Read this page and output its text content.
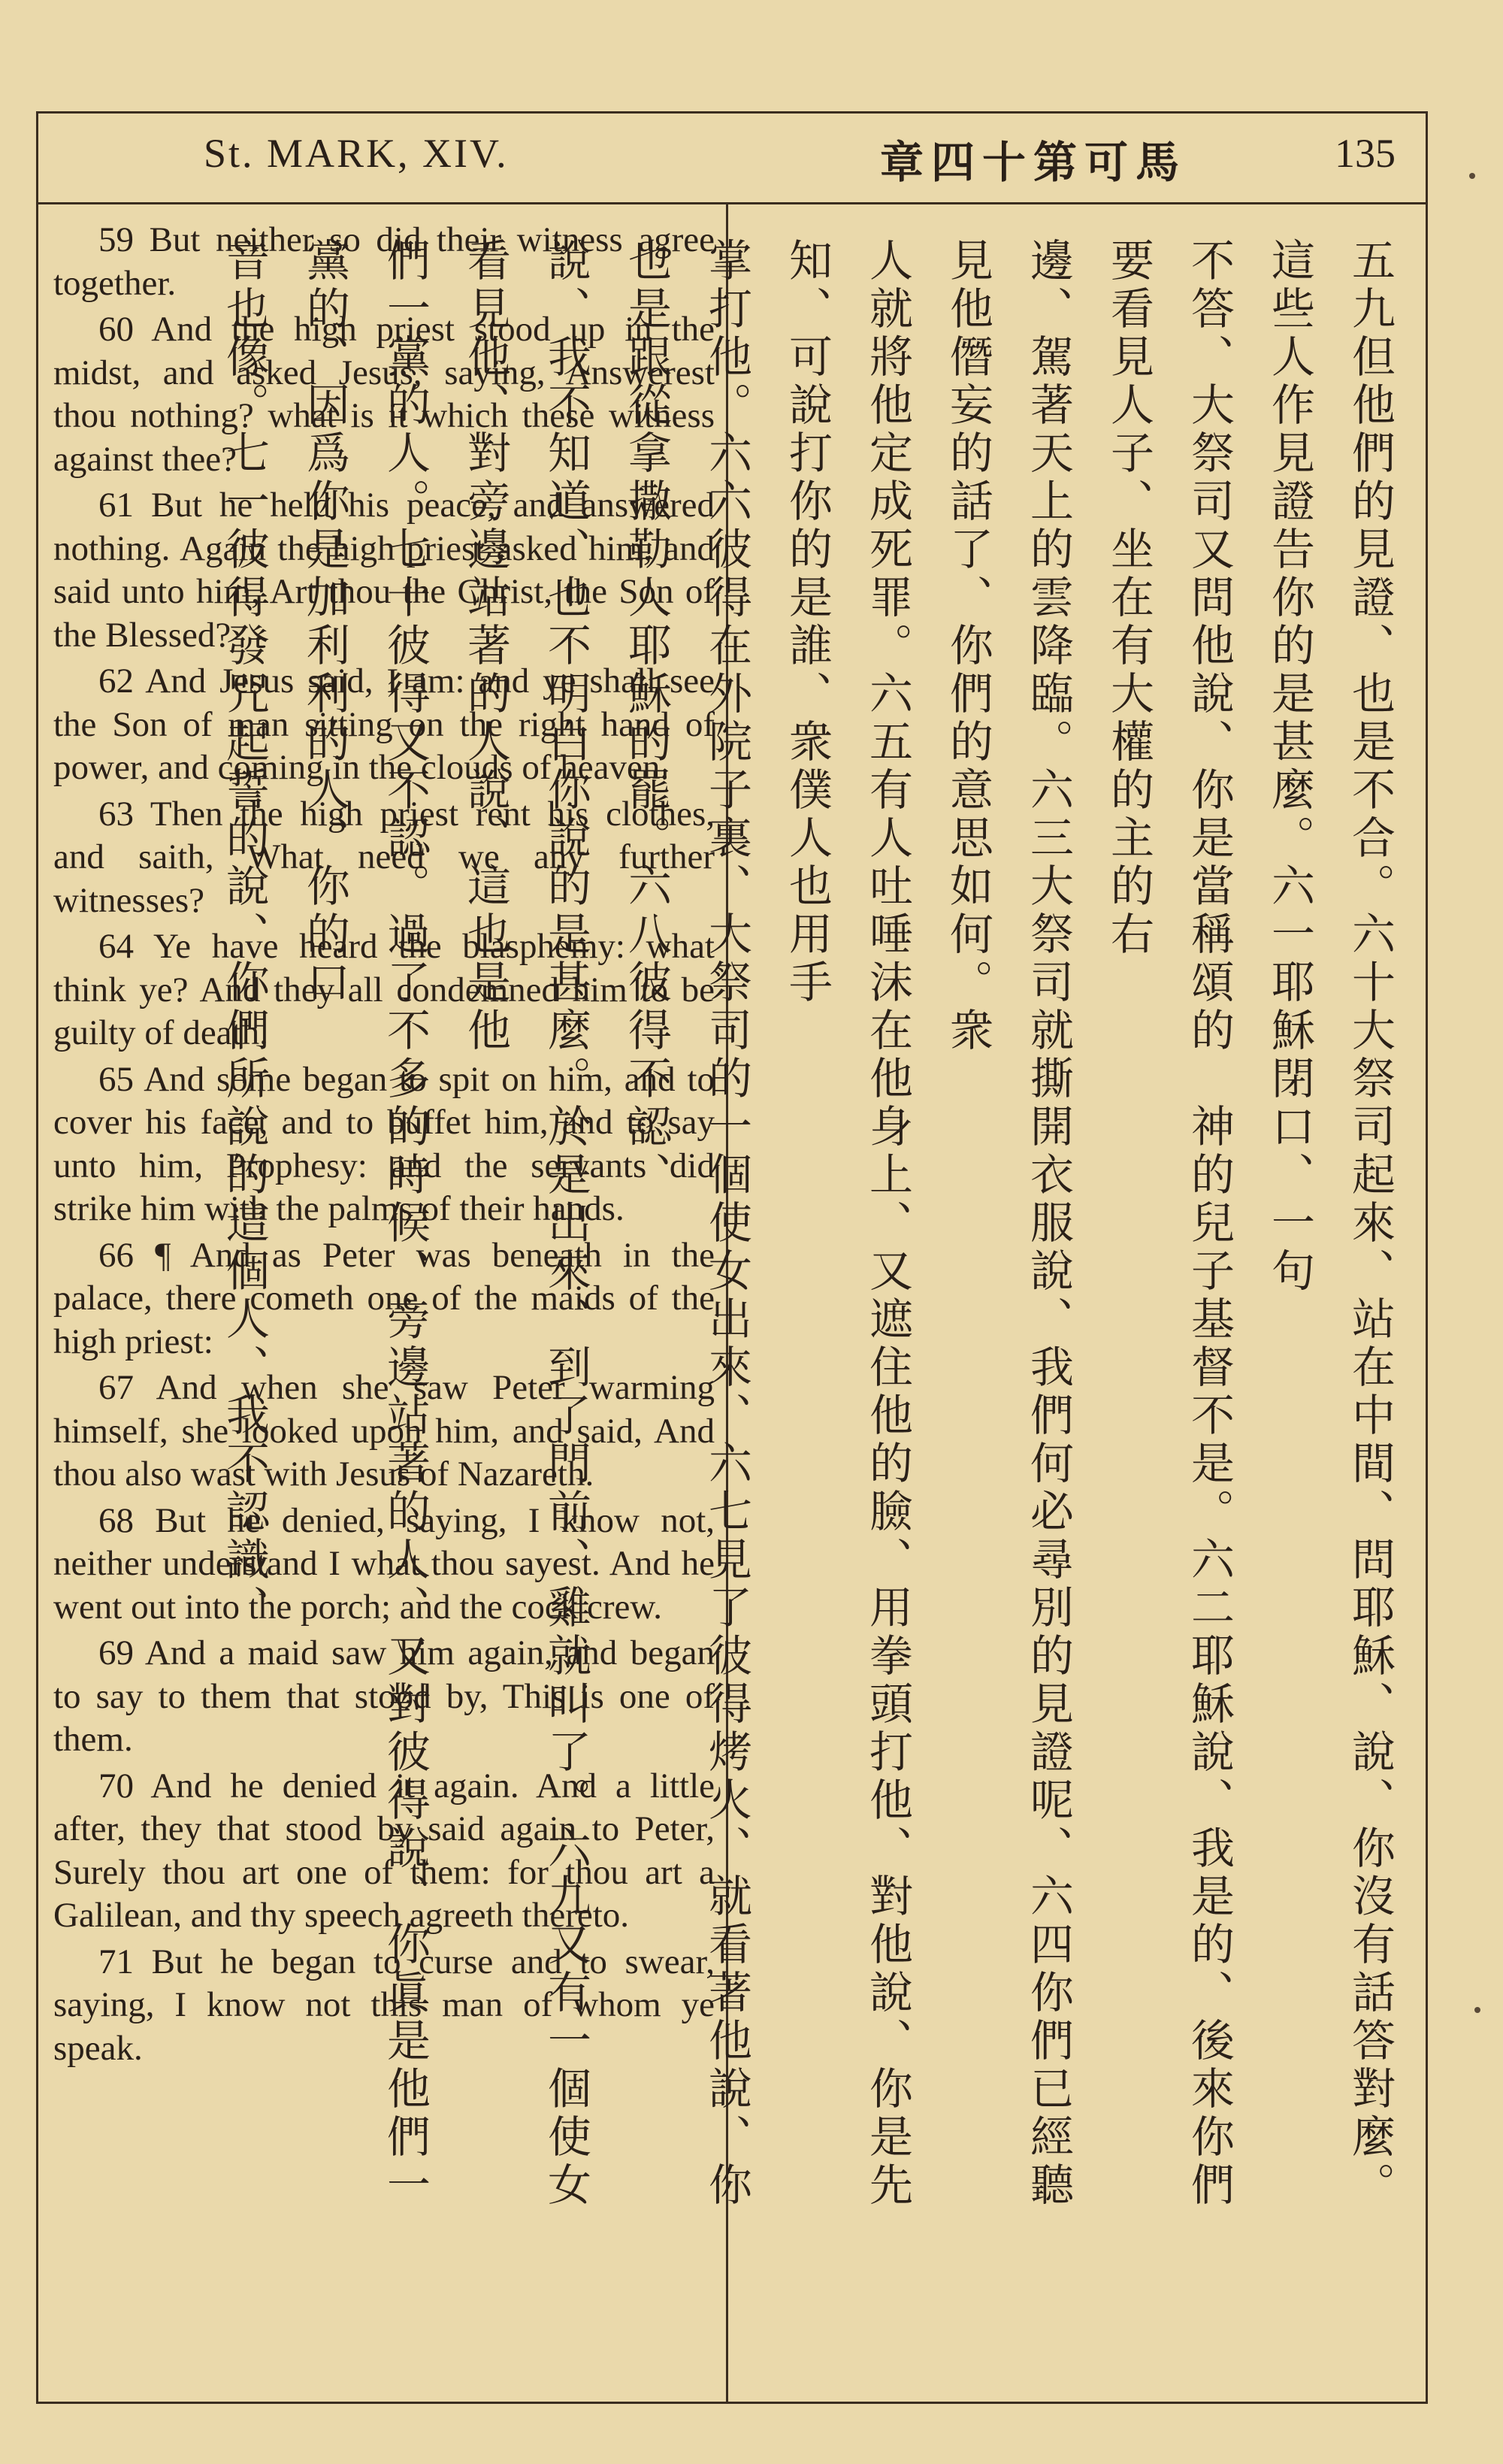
St. MARK, XIV.	章四十第可馬	135

59 But neither so did their witness agree together.

60 And the high priest stood up in the midst, and asked Jesus, saying, Answerest thou nothing? what is it which these witness against thee?

61 But he held his peace, and answered nothing. Again the high priest asked him, and said unto him, Art thou the Christ, the Son of the Blessed?

62 And Jesus said, I am: and ye shall see the Son of man sitting on the right hand of power, and coming in the clouds of heaven.

63 Then the high priest rent his clothes, and saith, What need we any further witnesses?

64 Ye have heard the blasphemy: what think ye? And they all condemned him to be guilty of death.

65 And some began to spit on him, and to cover his face, and to buffet him, and to say unto him, Prophesy: and the servants did strike him with the palms of their hands.

66 ¶ And as Peter was beneath in the palace, there cometh one of the maids of the high priest:

67 And when she saw Peter warming himself, she looked upon him, and said, And thou also wast with Jesus of Nazareth.

68 But he denied, saying, I know not, neither understand I what thou sayest. And he went out into the porch; and the cock crew.

69 And a maid saw him again, and began to say to them that stood by, This is one of them.

70 And he denied it again. And a little after, they that stood by said again to Peter, Surely thou art one of them: for thou art a Galilean, and thy speech agreeth thereto.

71 But he began to curse and to swear, saying, I know not this man of whom ye speak.	五九但他們的見證、也是不合。六十大祭司起來、站在中間、問耶穌、說、你沒有話答對麼。這些人作見證告你的是甚麼。六一耶穌閉口、一句
不答、大祭司又問他說、你是當稱頌的　神的兒子基督不是。六二耶穌說、我是的、後來你們要看見人子、坐在有大權的主的右
邊、駕著天上的雲降臨。六三大祭司就撕開衣服說、我們何必尋別的見證呢、六四你們已經聽見他僭妄的話了、你們的意思如何。衆
人就將他定成死罪。六五有人吐唾沫在他身上、又遮住他的臉、用拳頭打他、對他說、你是先知、可說打你的是誰、衆僕人也用手
掌打他。六六彼得在外院子裏、大祭司的一個使女出來、六七見了彼得烤火、就看著他說、你也是跟從拿撒勒人耶穌的罷。六八彼得不認、
說、我不知道、也不明白你說的是甚麼。於是出來、到了門前、雞就叫了。六九又有一個使女看見他、對旁邊站著的人說、這也是他
們一黨的人。七十彼得又不認。過了不多的時候、旁邊站著的人、又對彼得說、你眞是他們一黨的、因爲你是加利利的人、你的口
音也像。七一彼得發咒起誓的說、你們所說的這個人、我不認識、
